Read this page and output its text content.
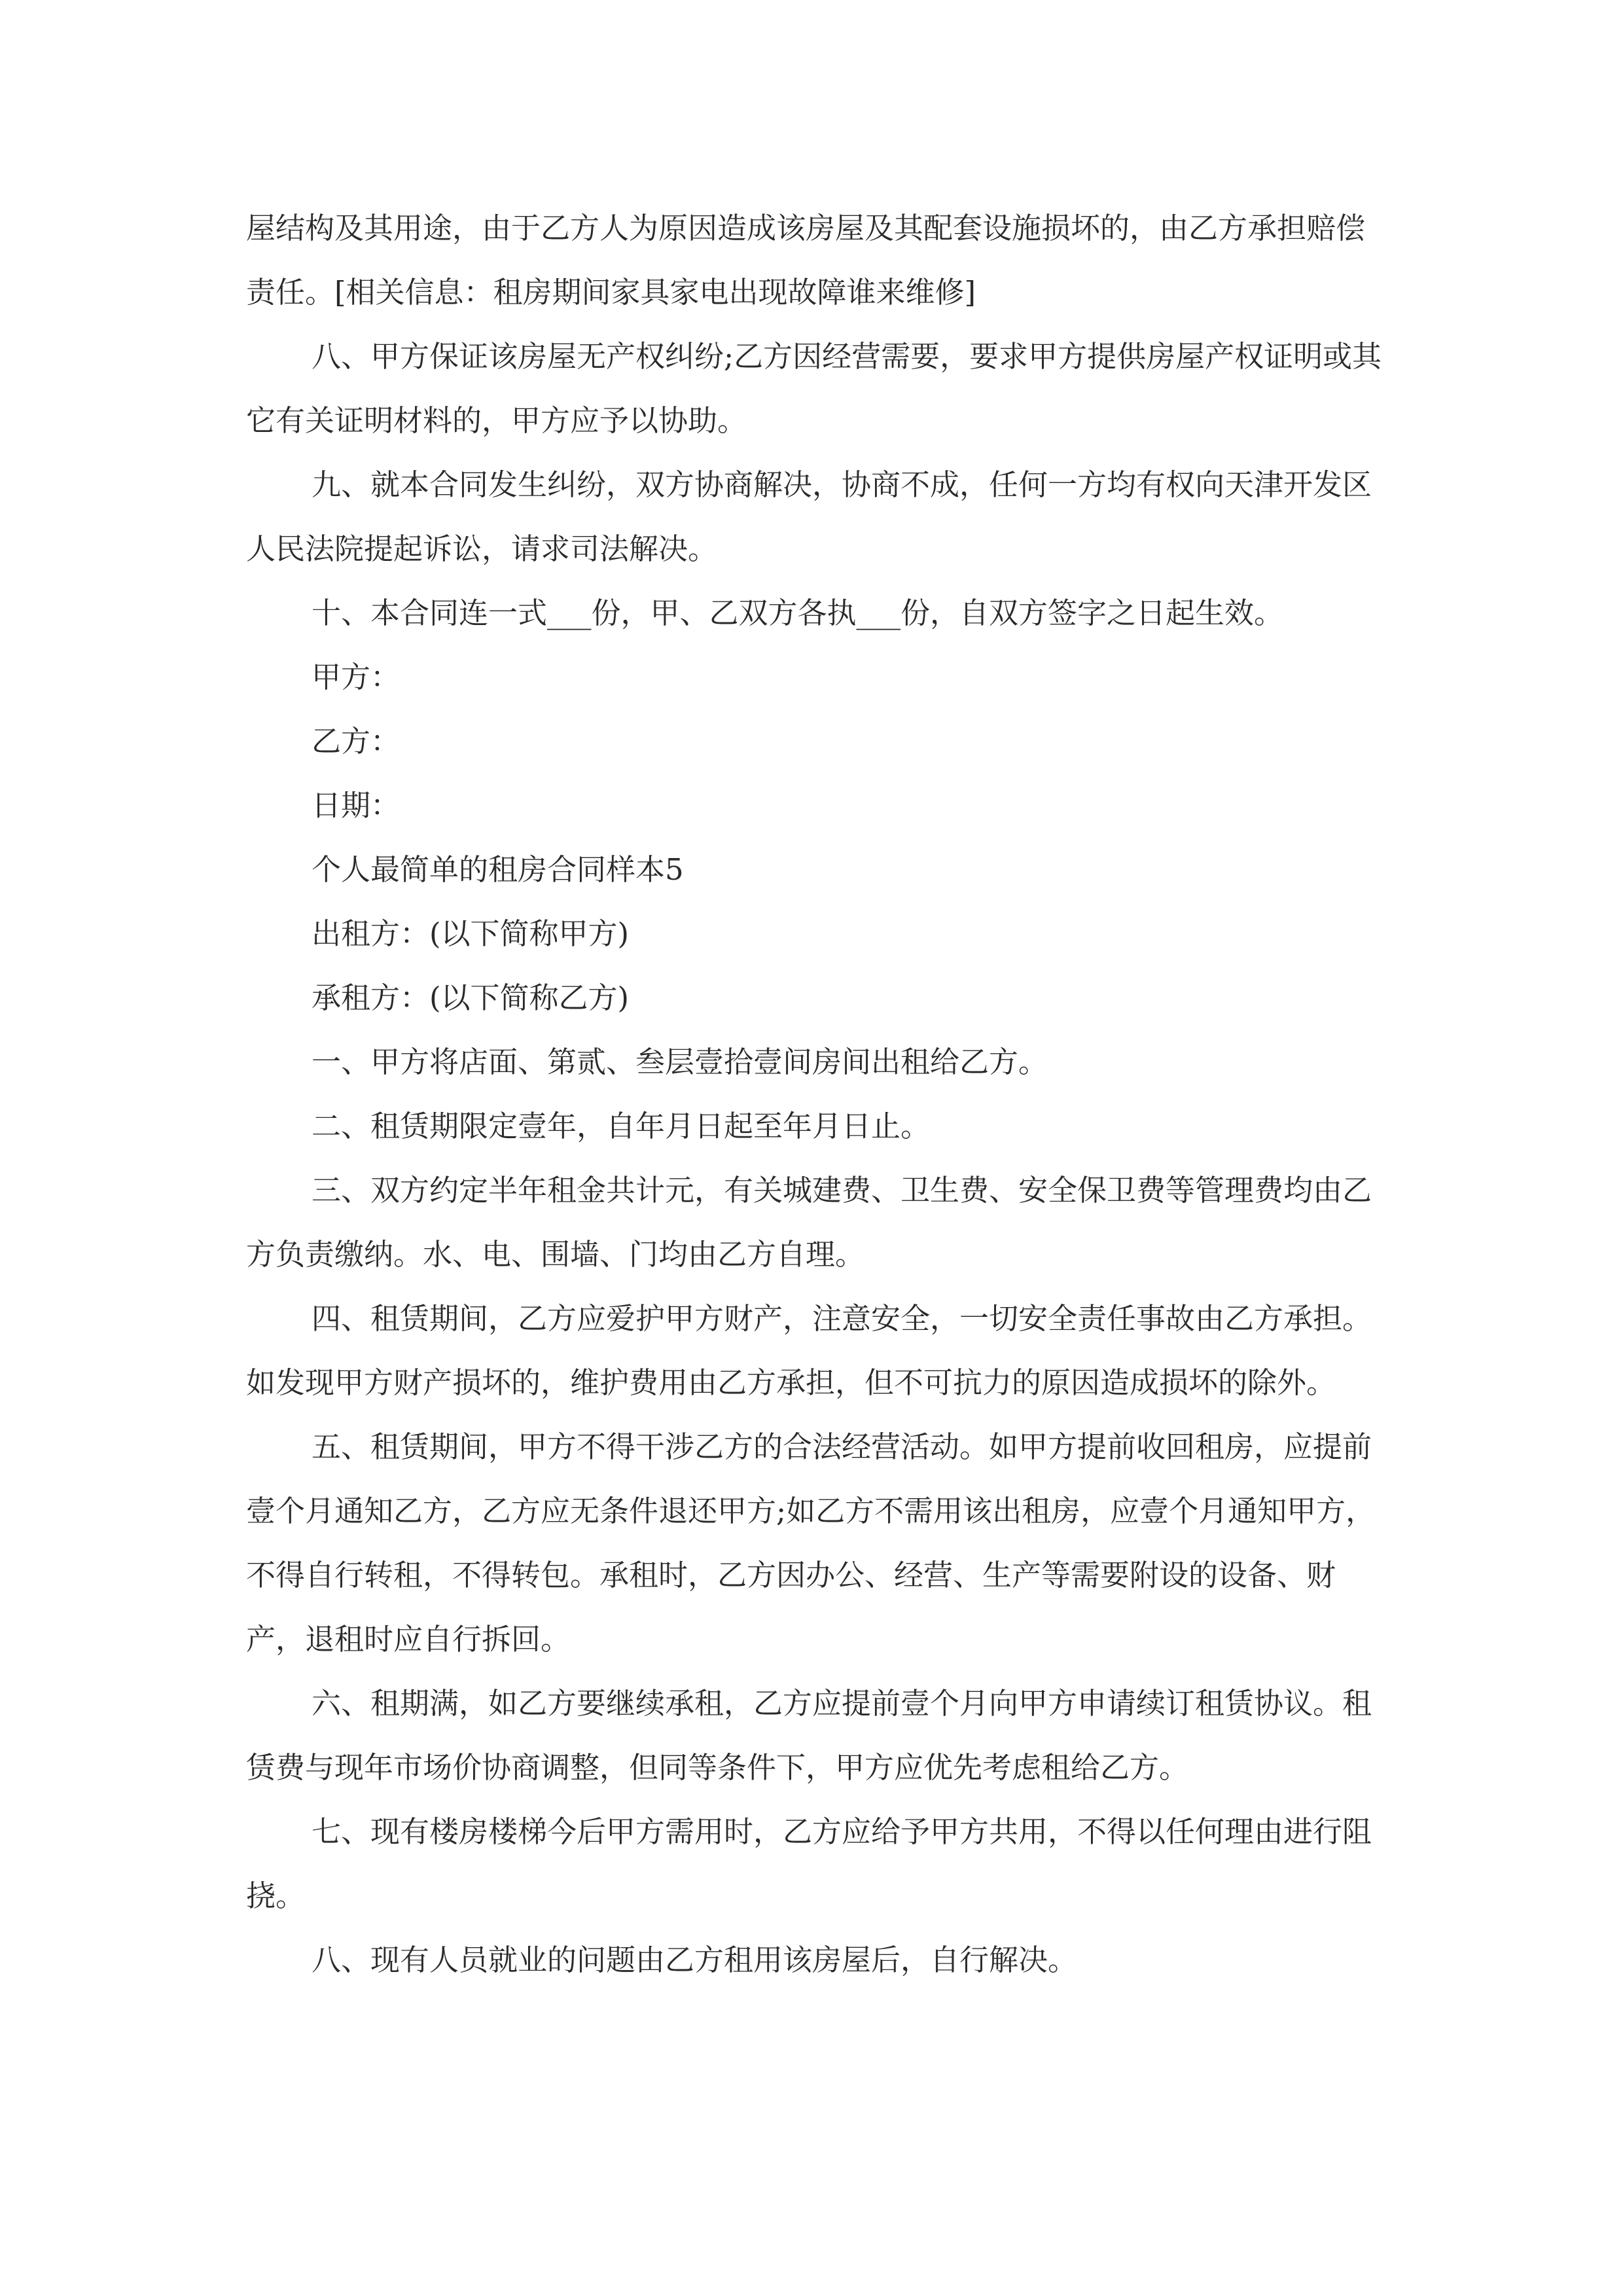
屋结构及其用途，由于乙方人为原因造成该房屋及其配套设施损坏的，由乙方承担赔偿责任。[相关信息：租房期间家具家电出现故障谁来维修]

八、甲方保证该房屋无产权纠纷;乙方因经营需要，要求甲方提供房屋产权证明或其它有关证明材料的，甲方应予以协助。

九、就本合同发生纠纷，双方协商解决，协商不成，任何一方均有权向天津开发区人民法院提起诉讼，请求司法解决。

十、本合同连一式___份，甲、乙双方各执___份，自双方签字之日起生效。

甲方：

乙方：

日期：

个人最简单的租房合同样本5

出租方：(以下简称甲方)

承租方：(以下简称乙方)

一、甲方将店面、第贰、叁层壹拾壹间房间出租给乙方。

二、租赁期限定壹年，自年月日起至年月日止。

三、双方约定半年租金共计元，有关城建费、卫生费、安全保卫费等管理费均由乙方负责缴纳。水、电、围墙、门均由乙方自理。

四、租赁期间，乙方应爱护甲方财产，注意安全，一切安全责任事故由乙方承担。如发现甲方财产损坏的，维护费用由乙方承担，但不可抗力的原因造成损坏的除外。

五、租赁期间，甲方不得干涉乙方的合法经营活动。如甲方提前收回租房，应提前壹个月通知乙方，乙方应无条件退还甲方;如乙方不需用该出租房，应壹个月通知甲方，不得自行转租，不得转包。承租时，乙方因办公、经营、生产等需要附设的设备、财产，退租时应自行拆回。

六、租期满，如乙方要继续承租，乙方应提前壹个月向甲方申请续订租赁协议。租赁费与现年市场价协商调整，但同等条件下，甲方应优先考虑租给乙方。

七、现有楼房楼梯今后甲方需用时，乙方应给予甲方共用，不得以任何理由进行阻挠。

八、现有人员就业的问题由乙方租用该房屋后，自行解决。
